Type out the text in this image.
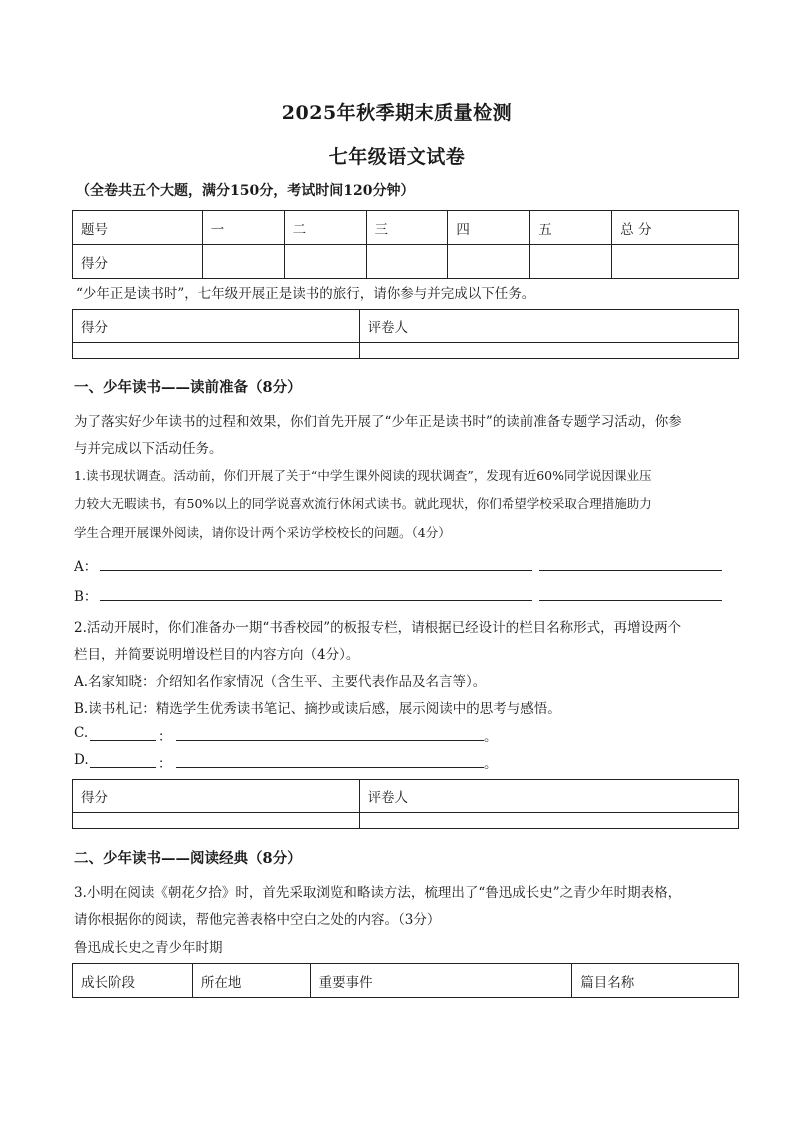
2025年秋季期末质量检测
七年级语文试卷
（全卷共五个大题，满分150分，考试时间120分钟）
题号	一	二	三	四	五	总 分
得分						
“少年正是读书时”，七年级开展正是读书的旅行，请你参与并完成以下任务。
得分	评卷人

一、少年读书——读前准备（8分）
为了落实好少年读书的过程和效果，你们首先开展了“少年正是读书时”的读前准备专题学习活动，你参
与并完成以下活动任务。
1.读书现状调查。活动前，你们开展了关于“中学生课外阅读的现状调查”，发现有近60%同学说因课业压
力较大无暇读书，有50%以上的同学说喜欢流行休闲式读书。就此现状，你们希望学校采取合理措施助力
学生合理开展课外阅读，请你设计两个采访学校校长的问题。（4分）
A：
B：
2.活动开展时，你们准备办一期“书香校园”的板报专栏，请根据已经设计的栏目名称形式，再增设两个
栏目，并简要说明增设栏目的内容方向（4分）。
A.名家知晓：介绍知名作家情况（含生平、主要代表作品及名言等）。
B.读书札记：精选学生优秀读书笔记、摘抄或读后感，展示阅读中的思考与感悟。
C.	：	。
D.	：	。
得分	评卷人

二、少年读书——阅读经典（8分）
3.小明在阅读《朝花夕拾》时，首先采取浏览和略读方法，梳理出了“鲁迅成长史”之青少年时期表格，
请你根据你的阅读，帮他完善表格中空白之处的内容。（3分）
鲁迅成长史之青少年时期
成长阶段	所在地	重要事件	篇目名称
